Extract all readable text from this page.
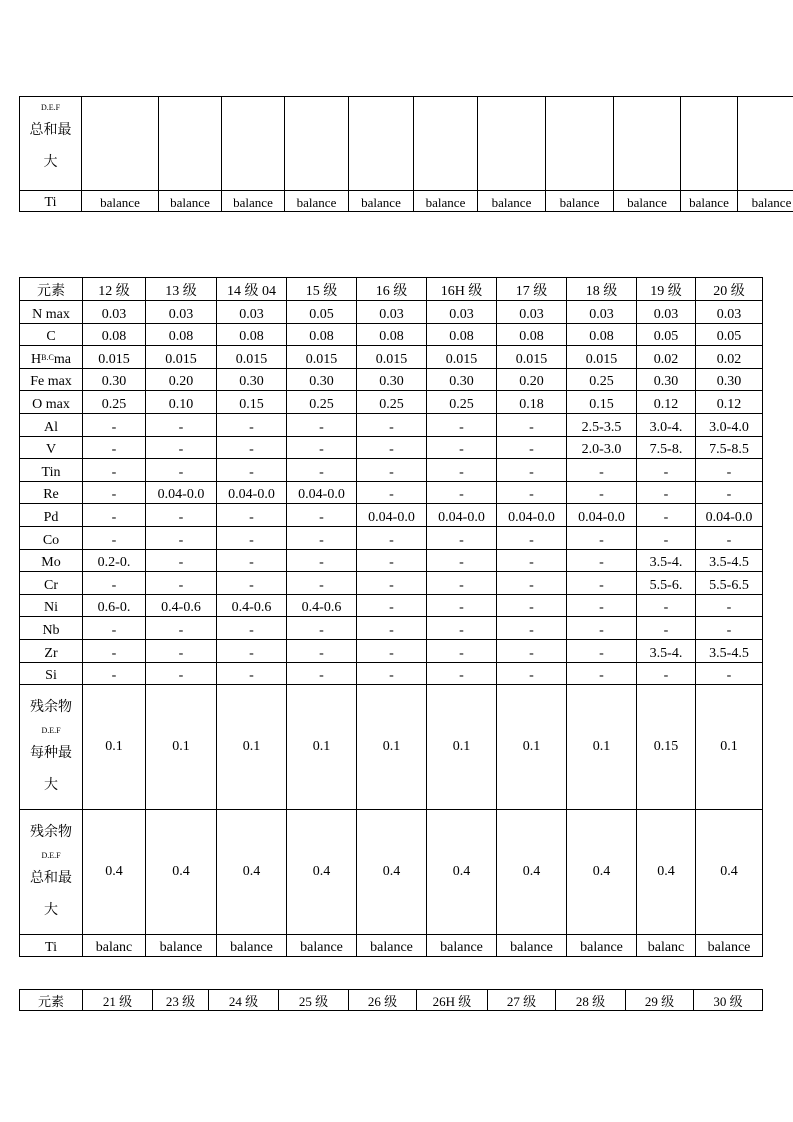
D.E.F
总和最
大											

Ti	balance	balance	balance	balance	balance	balance	balance	balance	balance	balance	balance
元素	12 级	13 级	14 级 04	15 级	16 级	16H 级	17 级	18 级	19 级	20 级
N max	0.03	0.03	0.03	0.05	0.03	0.03	0.03	0.03	0.03	0.03
C	0.08	0.08	0.08	0.08	0.08	0.08	0.08	0.08	0.05	0.05
$H^{B.C}ma$	0.015	0.015	0.015	0.015	0.015	0.015	0.015	0.015	0.02	0.02
Fe max	0.30	0.20	0.30	0.30	0.30	0.30	0.20	0.25	0.30	0.30
O max	0.25	0.10	0.15	0.25	0.25	0.25	0.18	0.15	0.12	0.12
Al	-	-	-	-	-	-	-	2.5-3.5	3.0-4.	3.0-4.0
V	-	-	-	-	-	-	-	2.0-3.0	7.5-8.	7.5-8.5
Tin	-	-	-	-	-	-	-	-	-	-
Re	-	0.04-0.0	0.04-0.0	0.04-0.0	-	-	-	-	-	-
Pd	-	-	-	-	0.04-0.0	0.04-0.0	0.04-0.0	0.04-0.0	-	0.04-0.0
Co	-	-	-	-	-	-	-	-	-	-
Mo	0.2-0.	-	-	-	-	-	-	-	3.5-4.	3.5-4.5
Cr	-	-	-	-	-	-	-	-	5.5-6.	5.5-6.5
Ni	0.6-0.	0.4-0.6	0.4-0.6	0.4-0.6	-	-	-	-	-	-
Nb	-	-	-	-	-	-	-	-	-	-
Zr	-	-	-	-	-	-	-	-	3.5-4.	3.5-4.5
Si	-	-	-	-	-	-	-	-	-	-

残余物
D.E.F
每种最
大	0.1	0.1	0.1	0.1	0.1	0.1	0.1	0.1	0.15	0.1

残余物
D.E.F
总和最
大	0.4	0.4	0.4	0.4	0.4	0.4	0.4	0.4	0.4	0.4
Ti	balanc	balance	balance	balance	balance	balance	balance	balance	balanc	balance
元素	21 级	23 级	24 级	25 级	26 级	26H 级	27 级	28 级	29 级	30 级
